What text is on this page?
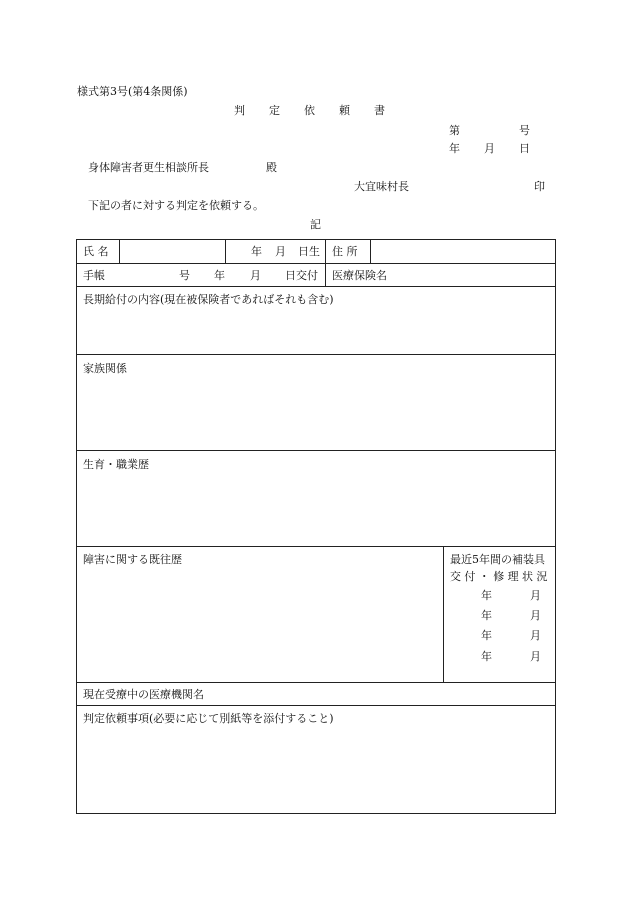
様式第3号(第4条関係)
判 定 依 頼 書
第	号
年 月 日
身体障害者更生相談所長	殿
大宜味村長	印
下記の者に対する判定を依頼する。
記
氏 名	年 月 日生 住 所
手帳	号 年 月 日交付 医療保険名
長期給付の内容(現在被保険者であればそれも含む)
家族関係
生育・職業歴
障害に関する既往歴	最近5年間の補装具
交付・修理状況
年	月
年	月
年	月
年	月
現在受療中の医療機関名
判定依頼事項(必要に応じて別紙等を添付すること)
